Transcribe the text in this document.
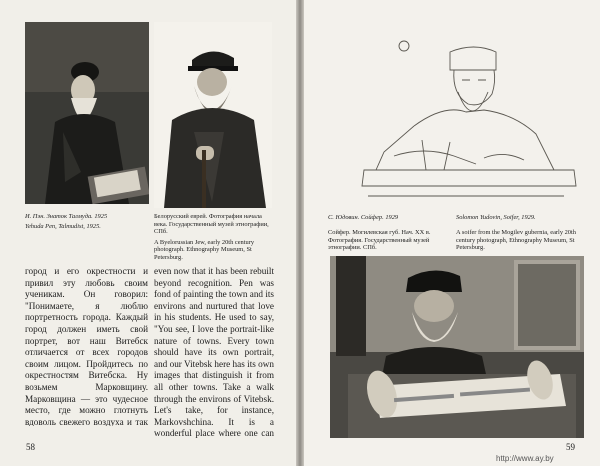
И. Пэн. Знаток Талмуда. 1925
Yehuda Pen, Talmudist, 1925.
Белорусский еврей. Фотография начала века. Государственный музей этнографии, СПб.
A Byelorussian Jew, early 20th century photograph. Ethnography Museum, St Petersburg.

город и его окрестности и привил эту любовь своим ученикам. Он говорил: "Понимаете, я люблю портретность города. Каждый город должен иметь свой портрет, вот наш Витебск отличается от всех городов своим лицом. Пройдитесь по окрестностям Витебска. Ну возьмем Марковщину. Марковщина — это чудесное место, где можно глотнуть вдоволь свежего воздуха и так

even now that it has been rebuilt beyond recognition. Pen was fond of painting the town and its environs and nurtured that love in his students. He used to say, "You see, I love the portrait-like nature of towns. Every town should have its own portrait, and our Vitebsk here has its own images that distinguish it from all other towns. Take a walk through the environs of Vitebsk. Let's take, for instance, Markovshchina. It is a wonderful place where one can

58
С. Юдовин. Сойфер. 1929	Solomon Yudovin, Soifer, 1929.
Сойфер. Могилевская губ. Нач. XX в. Фотография. Государственный музей этнографии. СПб.
A soifer from the Mogilev gubernia, early 20th century photograph, Ethnography Museum, St Petersburg.
59
http://www.ay.by
